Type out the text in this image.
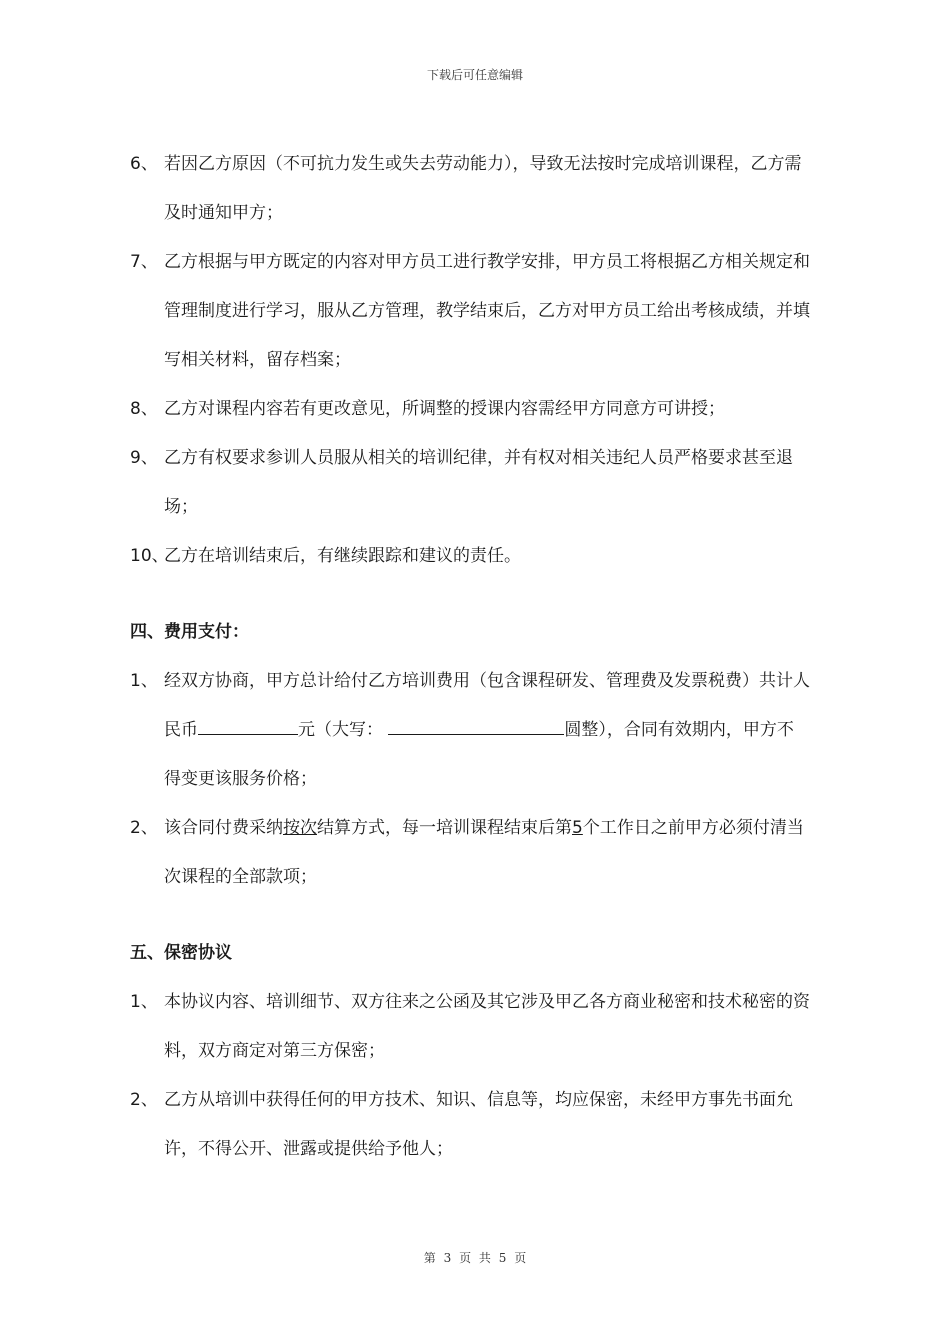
下载后可任意编辑
6、 若因乙方原因（不可抗力发生或失去劳动能力），导致无法按时完成培训课程，乙方需及时通知甲方；
7、 乙方根据与甲方既定的内容对甲方员工进行教学安排，甲方员工将根据乙方相关规定和管理制度进行学习，服从乙方管理，教学结束后，乙方对甲方员工给出考核成绩，并填写相关材料，留存档案；
8、 乙方对课程内容若有更改意见，所调整的授课内容需经甲方同意方可讲授；
9、 乙方有权要求参训人员服从相关的培训纪律，并有权对相关违纪人员严格要求甚至退场；
10、
乙方在培训结束后，有继续跟踪和建议的责任。
四、费用支付：
1、 经双方协商，甲方总计给付乙方培训费用（包含课程研发、管理费及发票税费）共计人民币	元（大写：	圆整），合同有效期内，甲方不得变更该服务价格；
2、 该合同付费采纳按次结算方式，每一培训课程结束后第5个工作日之前甲方必须付清当次课程的全部款项；
五、保密协议
1、 本协议内容、培训细节、双方往来之公函及其它涉及甲乙各方商业秘密和技术秘密的资料，双方商定对第三方保密；
2、 乙方从培训中获得任何的甲方技术、知识、信息等，均应保密，未经甲方事先书面允许，不得公开、泄露或提供给予他人；
第 3 页 共 5 页
